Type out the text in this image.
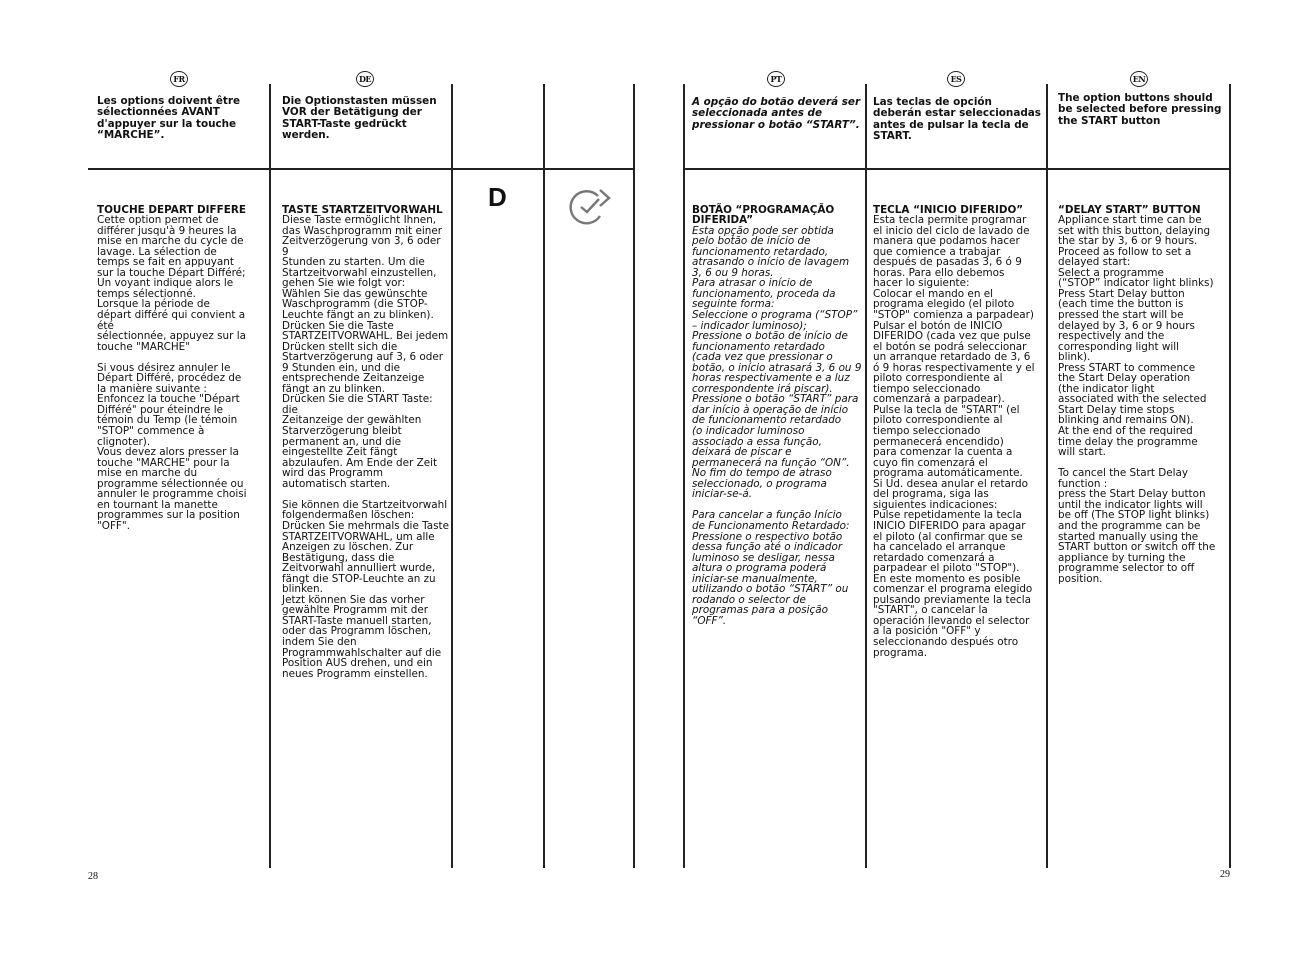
FR
Les options doivent être sélectionnées AVANT d'appuyer sur la touche “MARCHE”.

TOUCHE DEPART DIFFERE
Cette option permet de
différer jusqu'à 9 heures la
mise en marche du cycle de
lavage. La sélection de
temps se fait en appuyant
sur la touche Départ Différé;
Un voyant indique alors le
temps sélectionné.
Lorsque la période de
départ différé qui convient a
été
sélectionnée, appuyez sur la
touche "MARCHE"

Si vous désirez annuler le
Départ Différé, procédez de
la manière suivante :
Enfoncez la touche "Départ
Différé" pour éteindre le
témoin du Temp (le témoin
"STOP" commence à
clignoter).
Vous devez alors presser la
touche "MARCHE" pour la
mise en marche du
programme sélectionnée ou
annuler le programme choisi
en tournant la manette
programmes sur la position
"OFF".

DE
Die Optionstasten müssen VOR der Betätigung der START-Taste gedrückt werden.

TASTE STARTZEITVORWAHL
Diese Taste ermöglicht Ihnen,
das Waschprogramm mit einer
Zeitverzögerung von 3, 6 oder 9
Stunden zu starten. Um die
Startzeitvorwahl einzustellen,
gehen Sie wie folgt vor:
Wählen Sie das gewünschte
Waschprogramm (die STOP-
Leuchte fängt an zu blinken).
Drücken Sie die Taste
STARTZEITVORWAHL. Bei jedem
Drücken stellt sich die
Startverzögerung auf 3, 6 oder
9 Stunden ein, und die
entsprechende Zeitanzeige
fängt an zu blinken.
Drücken Sie die START Taste: die
Zeitanzeige der gewählten
Starverzögerung bleibt
permanent an, und die
eingestellte Zeit fängt
abzulaufen. Am Ende der Zeit
wird das Programm
automatisch starten.

Sie können die Startzeitvorwahl
folgendermaßen löschen:
Drücken Sie mehrmals die Taste
STARTZEITVORWAHL, um alle
Anzeigen zu löschen. Zur
Bestätigung, dass die
Zeitvorwahl annulliert wurde,
fängt die STOP-Leuchte an zu
blinken.
Jetzt können Sie das vorher
gewählte Programm mit der
START-Taste manuell starten,
oder das Programm löschen,
indem Sie den
Programmwahlschalter auf die
Position AUS drehen, und ein
neues Programm einstellen.

D
28
PT
A opção do botão deverá ser seleccionada antes de pressionar o botão “START”.

BOTÃO “PROGRAMAÇÃO DIFERIDA”
Esta opção pode ser obtida
pelo botão de início de
funcionamento retardado,
atrasando o início de lavagem
3, 6 ou 9 horas.
Para atrasar o início de
funcionamento, proceda da
seguinte forma:
Seleccione o programa (“STOP”
– indicador luminoso);
Pressione o botão de início de
funcionamento retardado
(cada vez que pressionar o
botão, o início atrasará 3, 6 ou 9
horas respectivamente e a luz
correspondente irá piscar).
Pressione o botão “START” para
dar início à operação de início
de funcionamento retardado
(o indicador luminoso
associado a essa função,
deixará de piscar e
permanecerá na função “ON”.
No fim do tempo de atraso
seleccionado, o programa
iniciar-se-á.

Para cancelar a função Início
de Funcionamento Retardado:
Pressione o respectivo botão
dessa função até o indicador
luminoso se desligar, nessa
altura o programa poderá
iniciar-se manualmente,
utilizando o botão “START” ou
rodando o selector de
programas para a posição
“OFF”.

ES
Las teclas de opción deberán estar seleccionadas antes de pulsar la tecla de START.

TECLA “INICIO DIFERIDO”
Esta tecla permite programar
el inicio del ciclo de lavado de
manera que podamos hacer
que comience a trabajar
después de pasadas 3, 6 ó 9
horas. Para ello debemos
hacer lo siguiente:
Colocar el mando en el
programa elegido (el piloto
"STOP" comienza a parpadear)
Pulsar el botón de INICIO
DIFERIDO (cada vez que pulse
el botón se podrá seleccionar
un arranque retardado de 3, 6
ó 9 horas respectivamente y el
piloto correspondiente al
tiempo seleccionado
comenzará a parpadear).
Pulse la tecla de "START" (el
piloto correspondiente al
tiempo seleccionado
permanecerá encendido)
para comenzar la cuenta a
cuyo fin comenzará el
programa automáticamente.
Si Ud. desea anular el retardo
del programa, siga las
siguientes indicaciones:
Pulse repetidamente la tecla
INICIO DIFERIDO para apagar
el piloto (al confirmar que se
ha cancelado el arranque
retardado comenzará a
parpadear el piloto "STOP").
En este momento es posible
comenzar el programa elegido
pulsando previamente la tecla
"START", o cancelar la
operación llevando el selector
a la posición "OFF" y
seleccionando después otro
programa.

EN
The option buttons should be selected before pressing the START button

“DELAY START” BUTTON
Appliance start time can be
set with this button, delaying
the star by 3, 6 or 9 hours.
Proceed as follow to set a
delayed start:
Select a programme
(“STOP” indicator light blinks)
Press Start Delay button
(each time the button is
pressed the start will be
delayed by 3, 6 or 9 hours
respectively and the
corresponding light will
blink).
Press START to commence
the Start Delay operation
(the indicator light
associated with the selected
Start Delay time stops
blinking and remains ON).
At the end of the required
time delay the programme
will start.

To cancel the Start Delay
function :
press the Start Delay button
until the indicator lights will
be off (The STOP light blinks)
and the programme can be
started manually using the
START button or switch off the
appliance by turning the
programme selector to off
position.

29
